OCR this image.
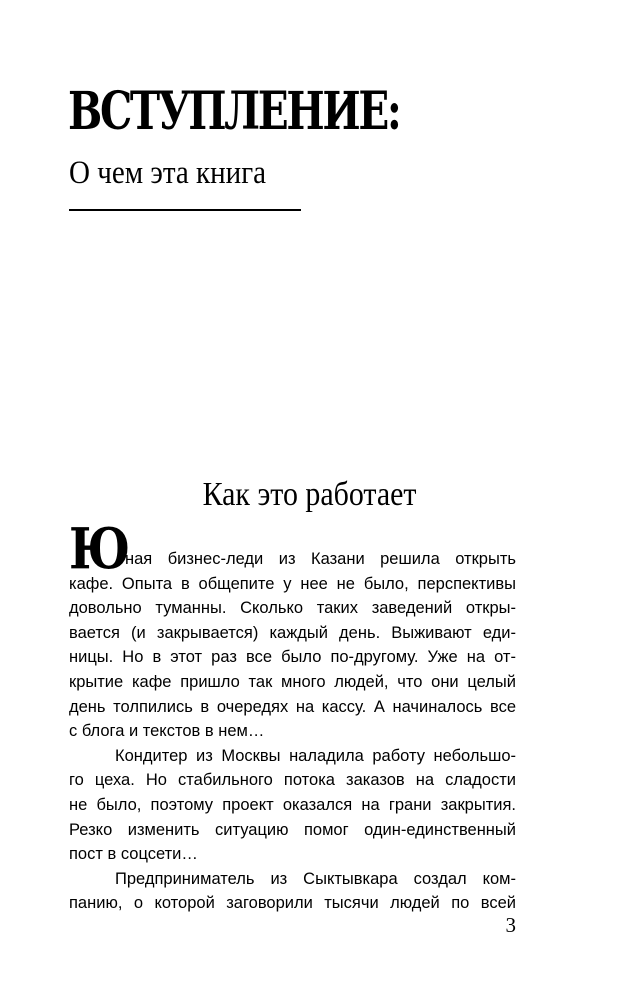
ВСТУПЛЕНИЕ:
О чем эта книга
Как это работает
Ю

ная бизнес-леди из Казани решила открыть
кафе. Опыта в общепите у нее не было, перспективы
довольно туманны. Сколько таких заведений откры-
вается (и закрывается) каждый день. Выживают еди-
ницы. Но в этот раз все было по-другому. Уже на от-
крытие кафе пришло так много людей, что они целый
день толпились в очередях на кассу. А начиналось все
с блога и текстов в нем…

Кондитер из Москвы наладила работу небольшо-
го цеха. Но стабильного потока заказов на сладости
не было, поэтому проект оказался на грани закрытия.
Резко изменить ситуацию помог один-единственный
пост в соцсети…

Предприниматель из Сыктывкара создал ком-
панию, о которой заговорили тысячи людей по всей

3
